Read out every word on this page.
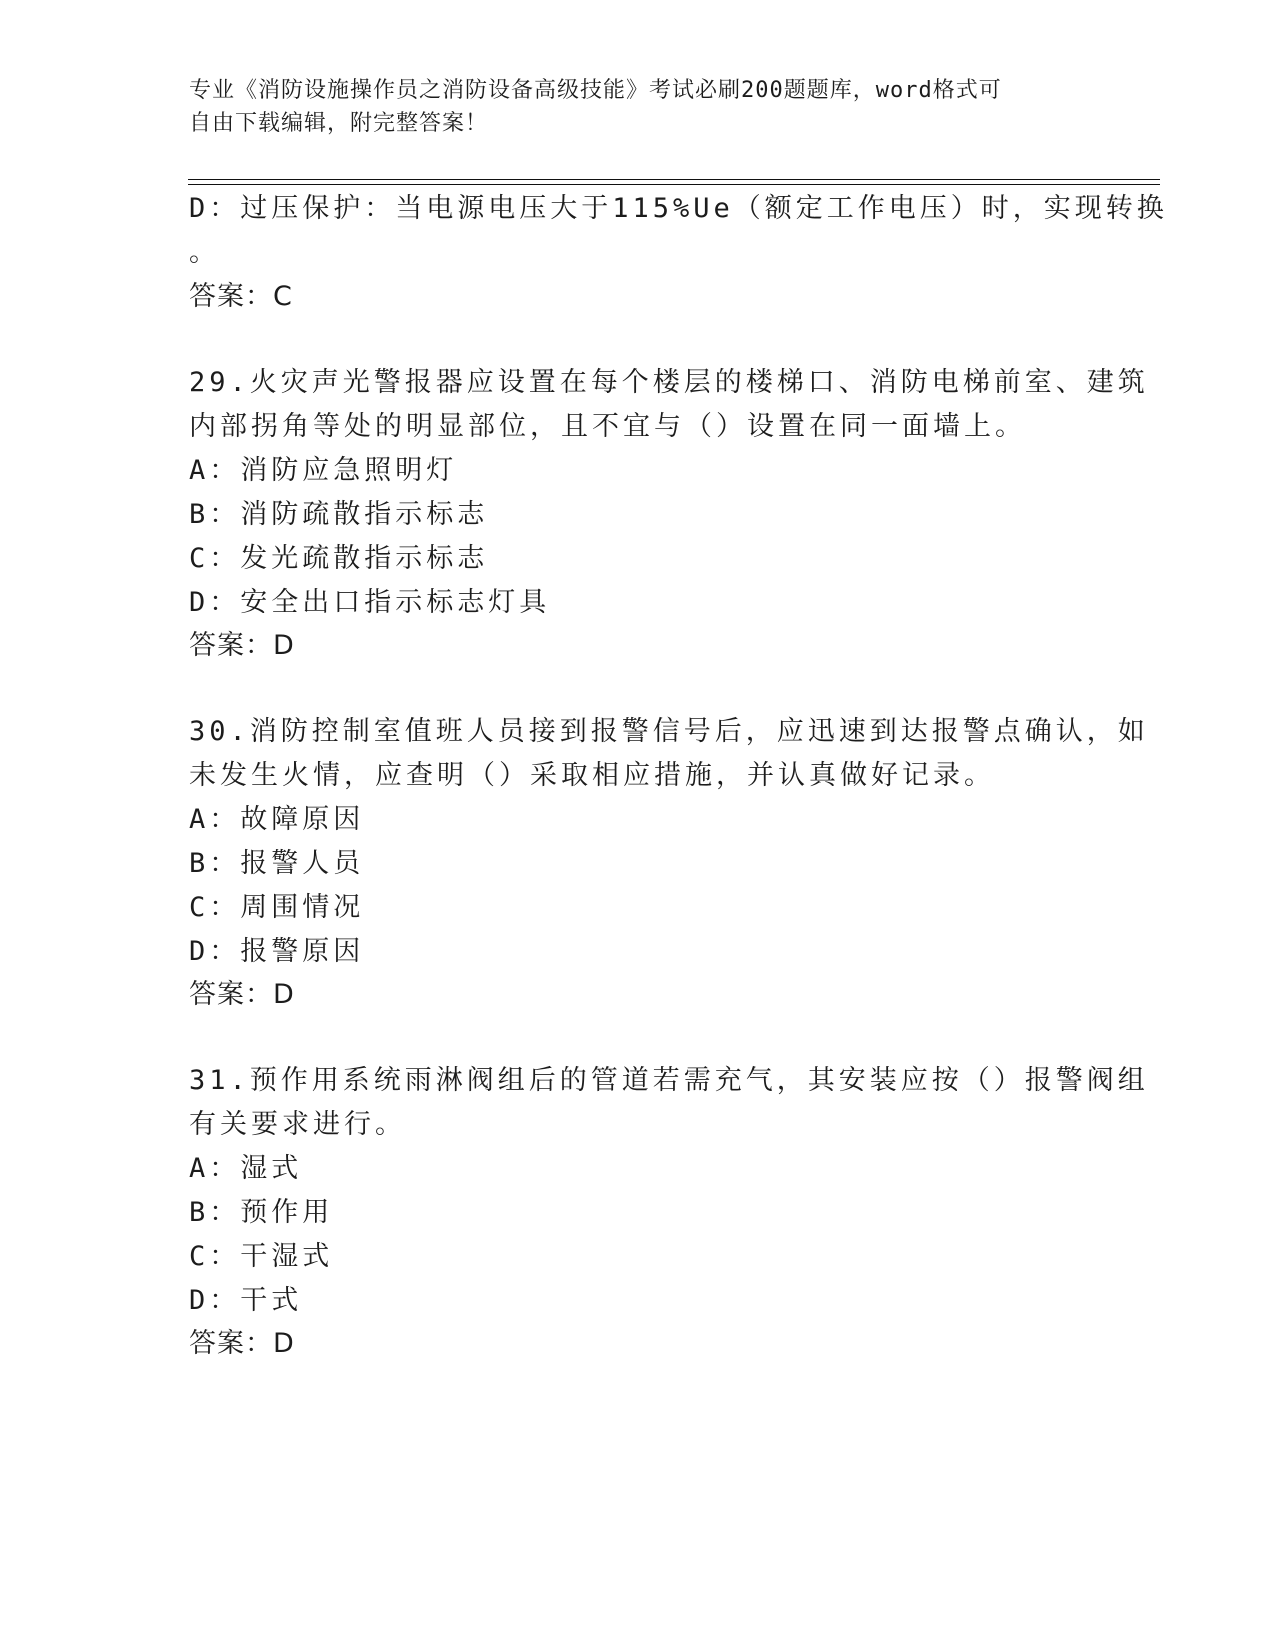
专业《消防设施操作员之消防设备高级技能》考试必刷200题题库，word格式可
自由下载编辑，附完整答案！
D：过压保护：当电源电压大于115%Ue（额定工作电压）时，实现转换
。
答案：C
29.火灾声光警报器应设置在每个楼层的楼梯口、消防电梯前室、建筑
内部拐角等处的明显部位，且不宜与（）设置在同一面墙上。
A：消防应急照明灯
B：消防疏散指示标志
C：发光疏散指示标志
D：安全出口指示标志灯具
答案：D
30.消防控制室值班人员接到报警信号后，应迅速到达报警点确认，如
未发生火情，应查明（）采取相应措施，并认真做好记录。
A：故障原因
B：报警人员
C：周围情况
D：报警原因
答案：D
31.预作用系统雨淋阀组后的管道若需充气，其安装应按（）报警阀组
有关要求进行。
A：湿式
B：预作用
C：干湿式
D：干式
答案：D
